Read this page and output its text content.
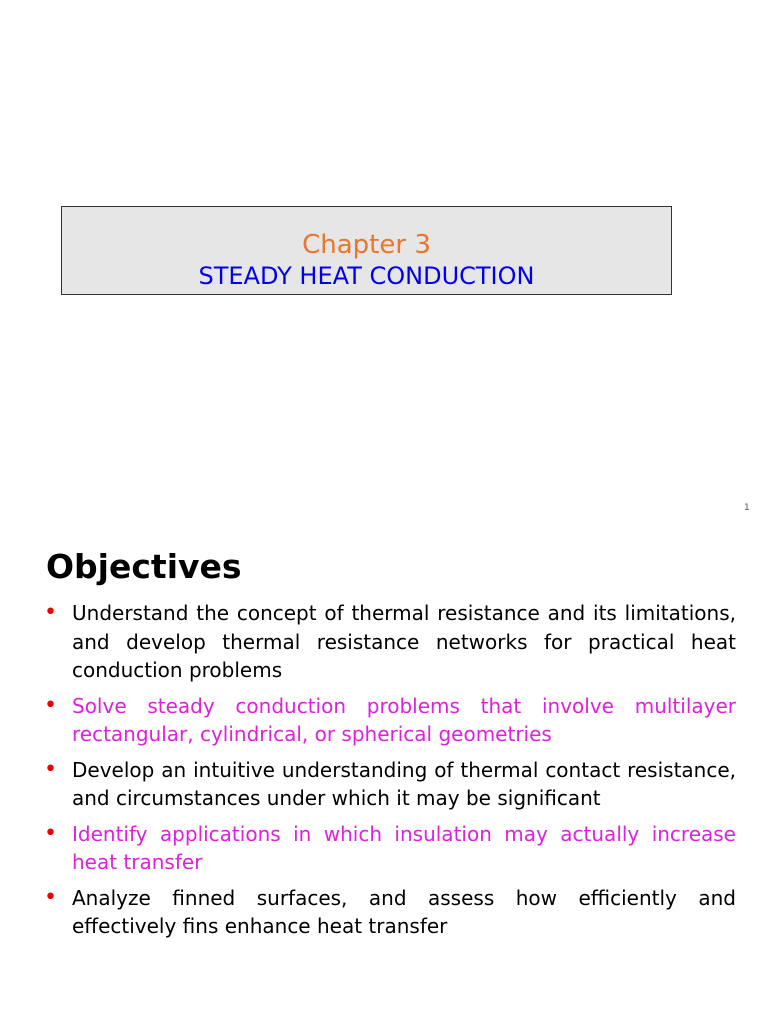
Chapter 3
STEADY HEAT CONDUCTION
1
Objectives
• Understand the concept of thermal resistance and its limitations, and develop thermal resistance networks for practical heat conduction problems
• Solve steady conduction problems that involve multilayer rectangular, cylindrical, or spherical geometries
• Develop an intuitive understanding of thermal contact resistance, and circumstances under which it may be significant
• Identify applications in which insulation may actually increase heat transfer
• Analyze finned surfaces, and assess how efficiently and effectively fins enhance heat transfer
